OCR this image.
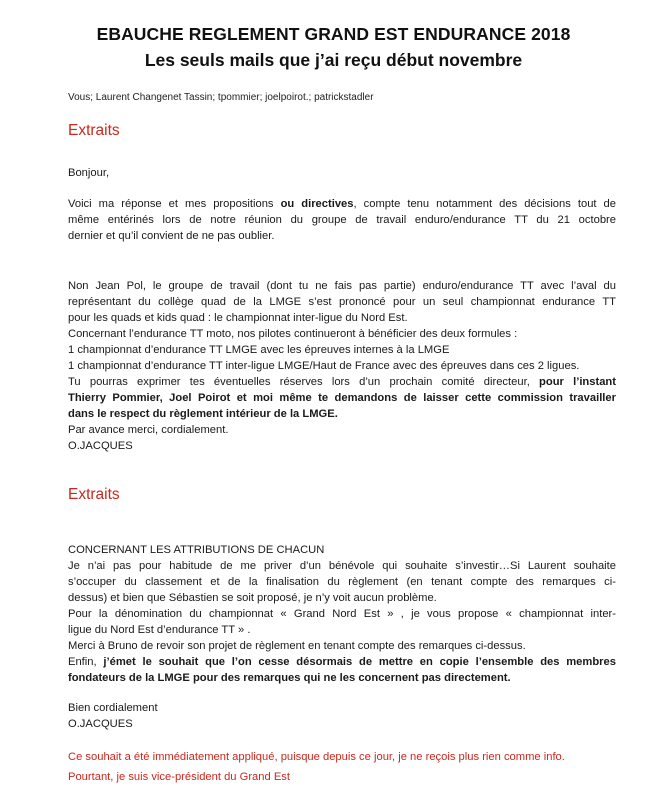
EBAUCHE REGLEMENT GRAND EST ENDURANCE 2018
Les seuls mails que j’ai reçu début novembre
Vous; Laurent Changenet Tassin; tpommier; joelpoirot.; patrickstadler
Extraits
Bonjour,
Voici ma réponse et mes propositions ou directives, compte tenu notamment des décisions tout de
même entérinés lors de notre réunion du groupe de travail enduro/endurance TT du 21 octobre
dernier et qu’il convient de ne pas oublier.
Non Jean Pol, le groupe de travail (dont tu ne fais pas partie) enduro/endurance TT avec l’aval du
représentant du collège quad de la LMGE s’est prononcé pour un seul championnat endurance TT
pour les quads et kids quad : le championnat inter-ligue du Nord Est.
Concernant l’endurance TT moto, nos pilotes continueront à bénéficier des deux formules :
1 championnat d’endurance TT LMGE avec les épreuves internes à la LMGE
1 championnat d’endurance TT inter-ligue LMGE/Haut de France avec des épreuves dans ces 2 ligues.
Tu pourras exprimer tes éventuelles réserves lors d’un prochain comité directeur, pour l’instant
Thierry Pommier, Joel Poirot et moi même te demandons de laisser cette commission travailler
dans le respect du règlement intérieur de la LMGE.
Par avance merci, cordialement.
O.JACQUES
Extraits
CONCERNANT LES ATTRIBUTIONS DE CHACUN
Je n’ai pas pour habitude de me priver d’un bénévole qui souhaite s’investir…Si Laurent souhaite
s’occuper du classement et de la finalisation du règlement (en tenant compte des remarques ci-
dessus) et bien que Sébastien se soit proposé, je n’y voit aucun problème.
Pour la dénomination du championnat « Grand Nord Est » , je vous propose « championnat inter-
ligue du Nord Est d’endurance TT » .
Merci à Bruno de revoir son projet de règlement en tenant compte des remarques ci-dessus.
Enfin, j’émet le souhait que l’on cesse désormais de mettre en copie l’ensemble des membres
fondateurs de la LMGE pour des remarques qui ne les concernent pas directement.
Bien cordialement
O.JACQUES
Ce souhait a été immédiatement appliqué, puisque depuis ce jour, je ne reçois plus rien comme info.
Pourtant, je suis vice-président du Grand Est
